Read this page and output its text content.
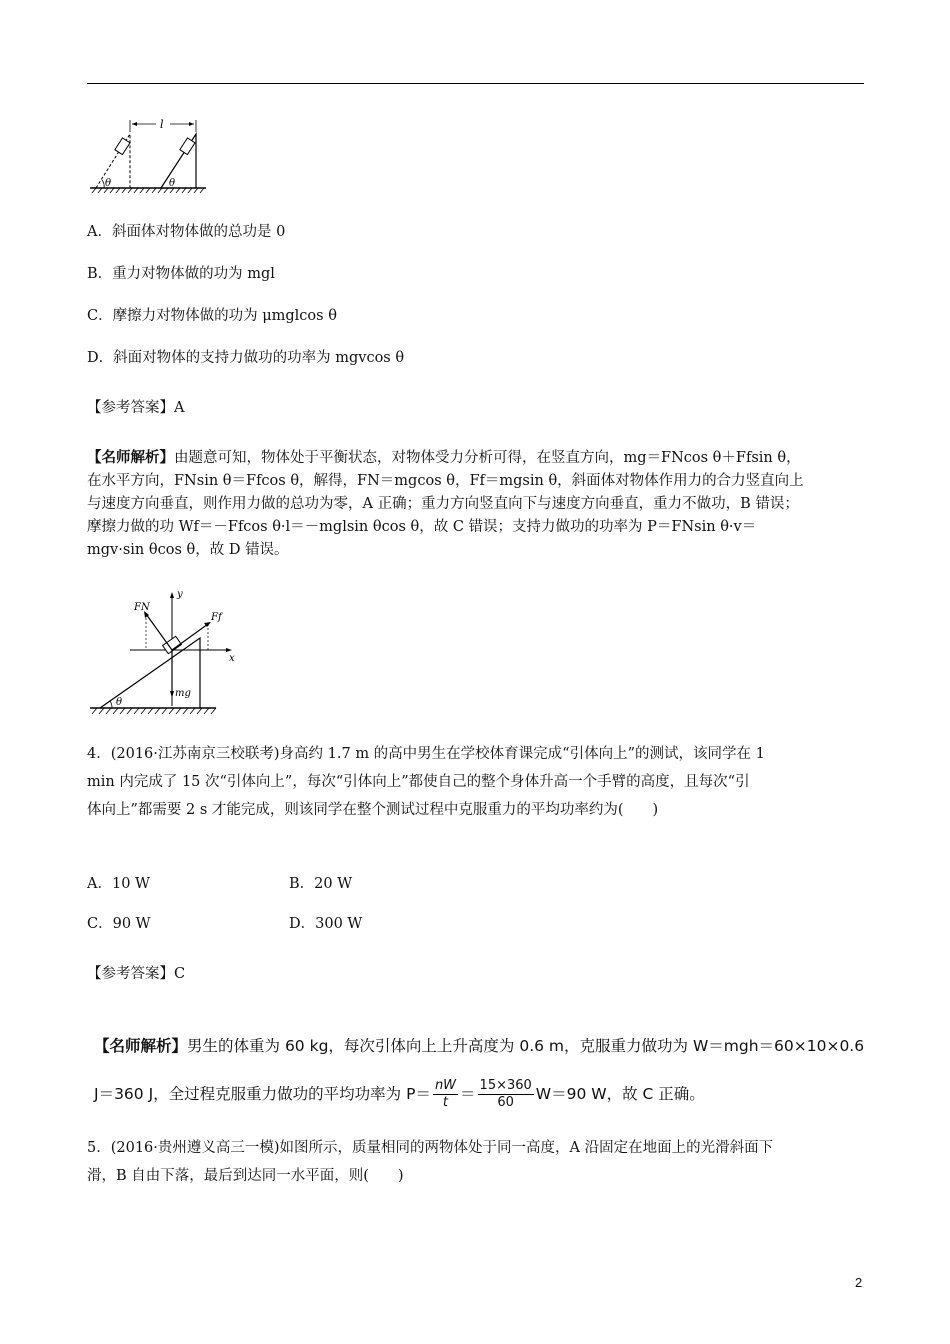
l
θ	θ
A．斜面体对物体做的总功是 0
B．重力对物体做的功为 mgl
C．摩擦力对物体做的功为 μmglcos θ
D．斜面对物体的支持力做功的功率为 mgvcos θ
【参考答案】A
【名师解析】由题意可知，物体处于平衡状态，对物体受力分析可得，在竖直方向，mg＝FNcos θ＋Ffsin θ，
在水平方向，FNsin θ＝Ffcos θ，解得，FN＝mgcos θ，Ff＝mgsin θ，斜面体对物体作用力的合力竖直向上
与速度方向垂直，则作用力做的总功为零，A 正确；重力方向竖直向下与速度方向垂直，重力不做功，B 错误；
摩擦力做的功 Wf＝－Ffcos θ·l＝－mglsin θcos θ，故 C 错误；支持力做功的功率为 P＝FNsin θ·v＝
mgv·sin θcos θ，故 D 错误。
FN
Ff
y
x
mg
θ
4．(2016·江苏南京三校联考)身高约 1.7 m 的高中男生在学校体育课完成“引体向上”的测试，该同学在 1
min 内完成了 15 次“引体向上”，每次“引体向上”都使自己的整个身体升高一个手臂的高度，且每次“引
体向上”都需要 2 s 才能完成，则该同学在整个测试过程中克服重力的平均功率约为(　　)
A．10 W	B．20 W
C．90 W	D．300 W
【参考答案】C
【名师解析】男生的体重为 60 kg，每次引体向上上升高度为 0.6 m，克服重力做功为 W＝mgh＝60×10×0.6
J＝360 J，全过程克服重力做功的平均功率为 $P= \frac{nW}{t} = \frac{15\times 360}{60} W=90$ W，故 C 正确。
5．(2016·贵州遵义高三一模)如图所示，质量相同的两物体处于同一高度，A 沿固定在地面上的光滑斜面下
滑，B 自由下落，最后到达同一水平面，则(　　)
2
